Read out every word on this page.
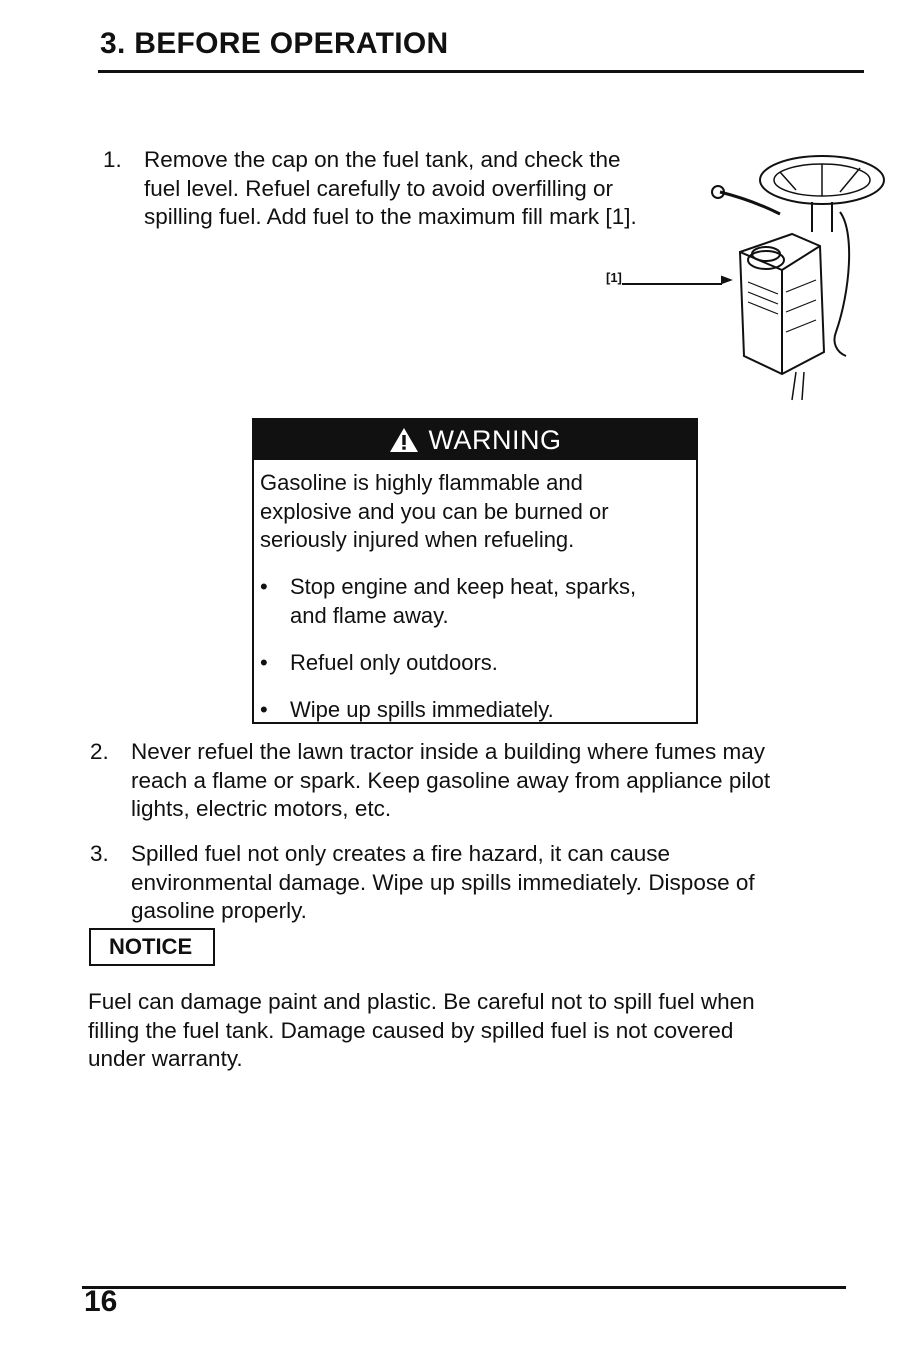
3. BEFORE OPERATION
1. Remove the cap on the fuel tank, and check the
fuel level. Refuel carefully to avoid overfilling or
spilling fuel. Add fuel to the maximum fill mark [1].
[1]
WARNING
Gasoline is highly flammable and
explosive and you can be burned or
seriously injured when refueling.
• Stop engine and keep heat, sparks,
and flame away.
• Refuel only outdoors.
• Wipe up spills immediately.
2. Never refuel the lawn tractor inside a building where fumes may
reach a flame or spark. Keep gasoline away from appliance pilot
lights, electric motors, etc.
3. Spilled fuel not only creates a fire hazard, it can cause
environmental damage. Wipe up spills immediately. Dispose of
gasoline properly.
NOTICE
Fuel can damage paint and plastic. Be careful not to spill fuel when
filling the fuel tank. Damage caused by spilled fuel is not covered
under warranty.
16
